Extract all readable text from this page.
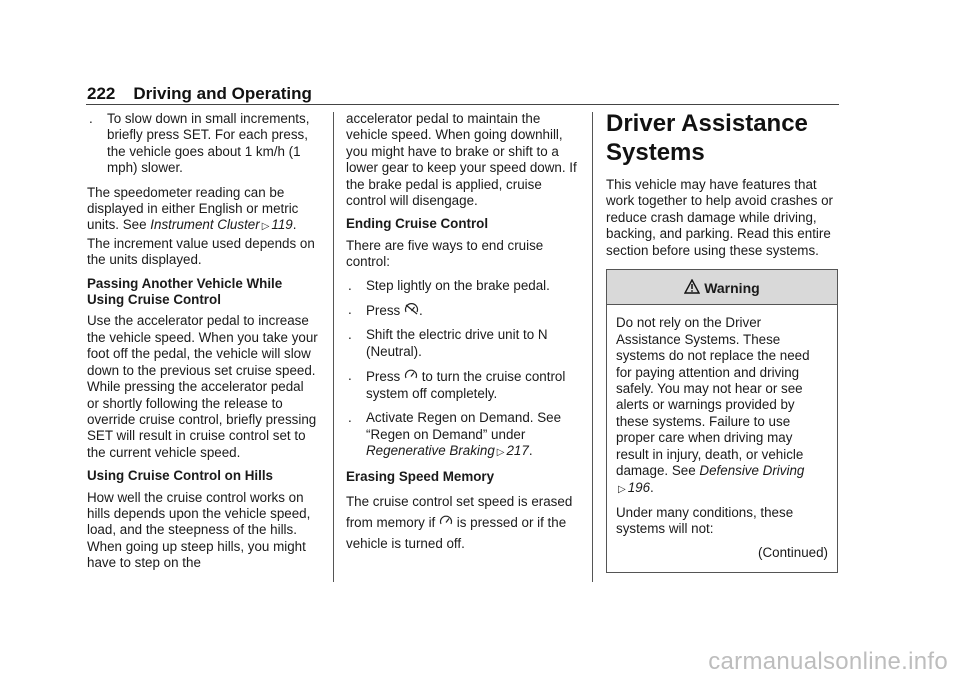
222 Driving and Operating
. To slow down in small increments, briefly press SET. For each press, the vehicle goes about 1 km/h (1 mph) slower.

The speedometer reading can be displayed in either English or metric units. See Instrument Cluster ▷ 119. The increment value used depends on the units displayed.

Passing Another Vehicle While Using Cruise Control

Use the accelerator pedal to increase the vehicle speed. When you take your foot off the pedal, the vehicle will slow down to the previous set cruise speed. While pressing the accelerator pedal or shortly following the release to override cruise control, briefly pressing SET will result in cruise control set to the current vehicle speed.

Using Cruise Control on Hills

How well the cruise control works on hills depends upon the vehicle speed, load, and the steepness of the hills. When going up steep hills, you might have to step on the

accelerator pedal to maintain the vehicle speed. When going downhill, you might have to brake or shift to a lower gear to keep your speed down. If the brake pedal is applied, cruise control will disengage.

Ending Cruise Control

There are five ways to end cruise control:

. Step lightly on the brake pedal.
. Press .
. Shift the electric drive unit to N (Neutral).
. Press to turn the cruise control system off completely.
. Activate Regen on Demand. See “Regen on Demand” under Regenerative Braking ▷ 217.

Erasing Speed Memory

The cruise control set speed is erased from memory if is pressed or if the vehicle is turned off.

Driver Assistance Systems

This vehicle may have features that work together to help avoid crashes or reduce crash damage while driving, backing, and parking. Read this entire section before using these systems.

Warning

Do not rely on the Driver Assistance Systems. These systems do not replace the need for paying attention and driving safely. You may not hear or see alerts or warnings provided by these systems. Failure to use proper care when driving may result in injury, death, or vehicle damage. See Defensive Driving
▷ 196.

Under many conditions, these systems will not:

(Continued)

carmanualsonline.info
